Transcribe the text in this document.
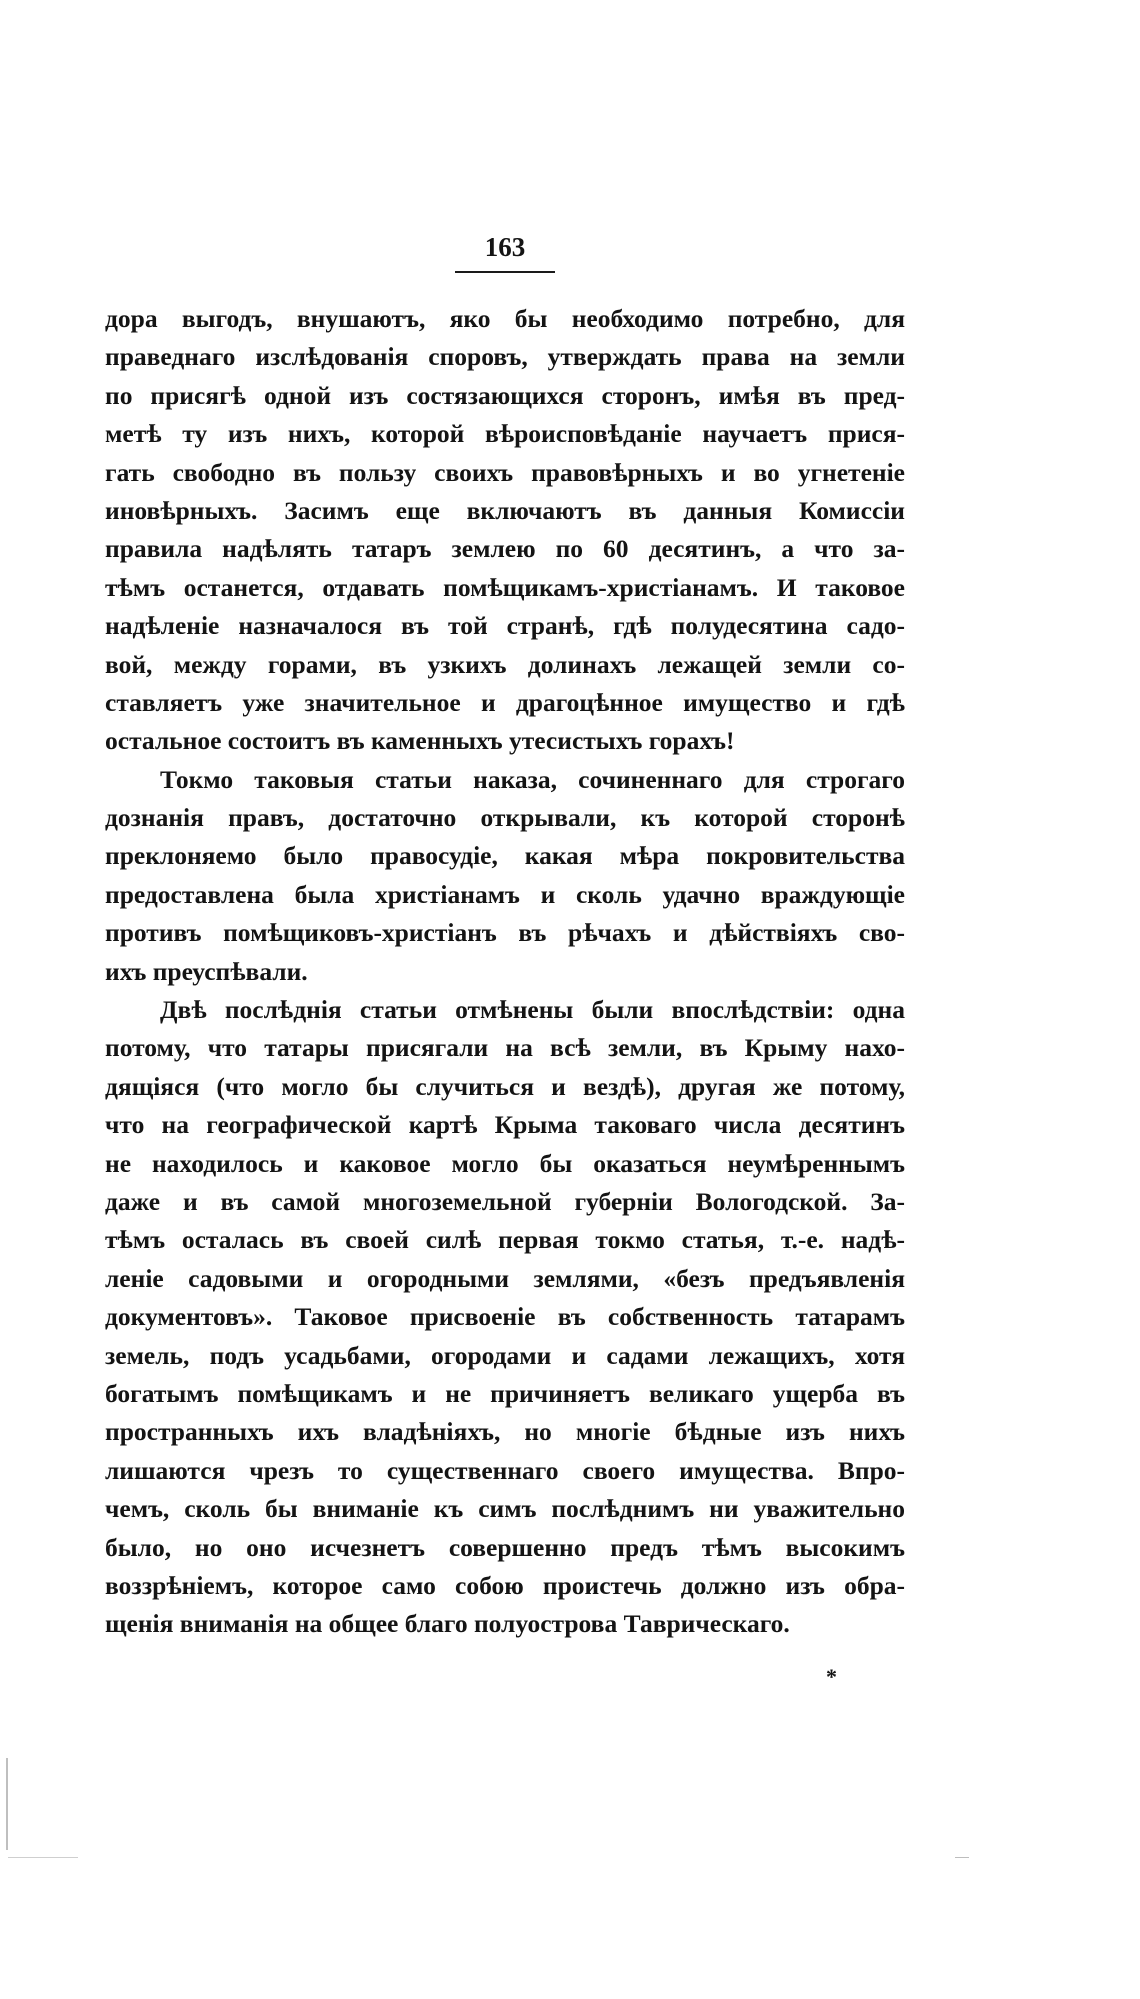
163
дора выгодъ, внушаютъ, яко бы необходимо потребно, для
праведнаго изслѣдованія споровъ, утверждать права на земли
по присягѣ одной изъ состязающихся сторонъ, имѣя въ пред-
метѣ ту изъ нихъ, которой вѣроисповѣданіе научаетъ прися-
гать свободно въ пользу своихъ правовѣрныхъ и во угнетеніе
иновѣрныхъ. Засимъ еще включаютъ въ данныя Комиссіи
правила надѣлять татаръ землею по 60 десятинъ, а что за-
тѣмъ останется, отдавать помѣщикамъ-христіанамъ. И таковое
надѣленіе назначалося въ той странѣ, гдѣ полудесятина садо-
вой, между горами, въ узкихъ долинахъ лежащей земли со-
ставляетъ уже значительное и драгоцѣнное имущество и гдѣ
остальное состоитъ въ каменныхъ утесистыхъ горахъ!
Токмо таковыя статьи наказа, сочиненнаго для строгаго
дознанія правъ, достаточно открывали, къ которой сторонѣ
преклоняемо было правосудіе, какая мѣра покровительства
предоставлена была христіанамъ и сколь удачно враждующіе
противъ помѣщиковъ-христіанъ въ рѣчахъ и дѣйствіяхъ сво-
ихъ преуспѣвали.
Двѣ послѣднія статьи отмѣнены были впослѣдствіи: одна
потому, что татары присягали на всѣ земли, въ Крыму нахо-
дящіяся (что могло бы случиться и вездѣ), другая же потому,
что на географической картѣ Крыма таковаго числа десятинъ
не находилось и каковое могло бы оказаться неумѣреннымъ
даже и въ самой многоземельной губерніи Вологодской. За-
тѣмъ осталась въ своей силѣ первая токмо статья, т.-е. надѣ-
леніе садовыми и огородными землями, «безъ предъявленія
документовъ». Таковое присвоеніе въ собственность татарамъ
земель, подъ усадьбами, огородами и садами лежащихъ, хотя
богатымъ помѣщикамъ и не причиняетъ великаго ущерба въ
пространныхъ ихъ владѣніяхъ, но многіе бѣдные изъ нихъ
лишаются чрезъ то существеннаго своего имущества. Впро-
чемъ, сколь бы вниманіе къ симъ послѣднимъ ни уважительно
было, но оно исчезнетъ совершенно предъ тѣмъ высокимъ
воззрѣніемъ, которое само собою проистечь должно изъ обра-
щенія вниманія на общее благо полуострова Таврическаго.
*
